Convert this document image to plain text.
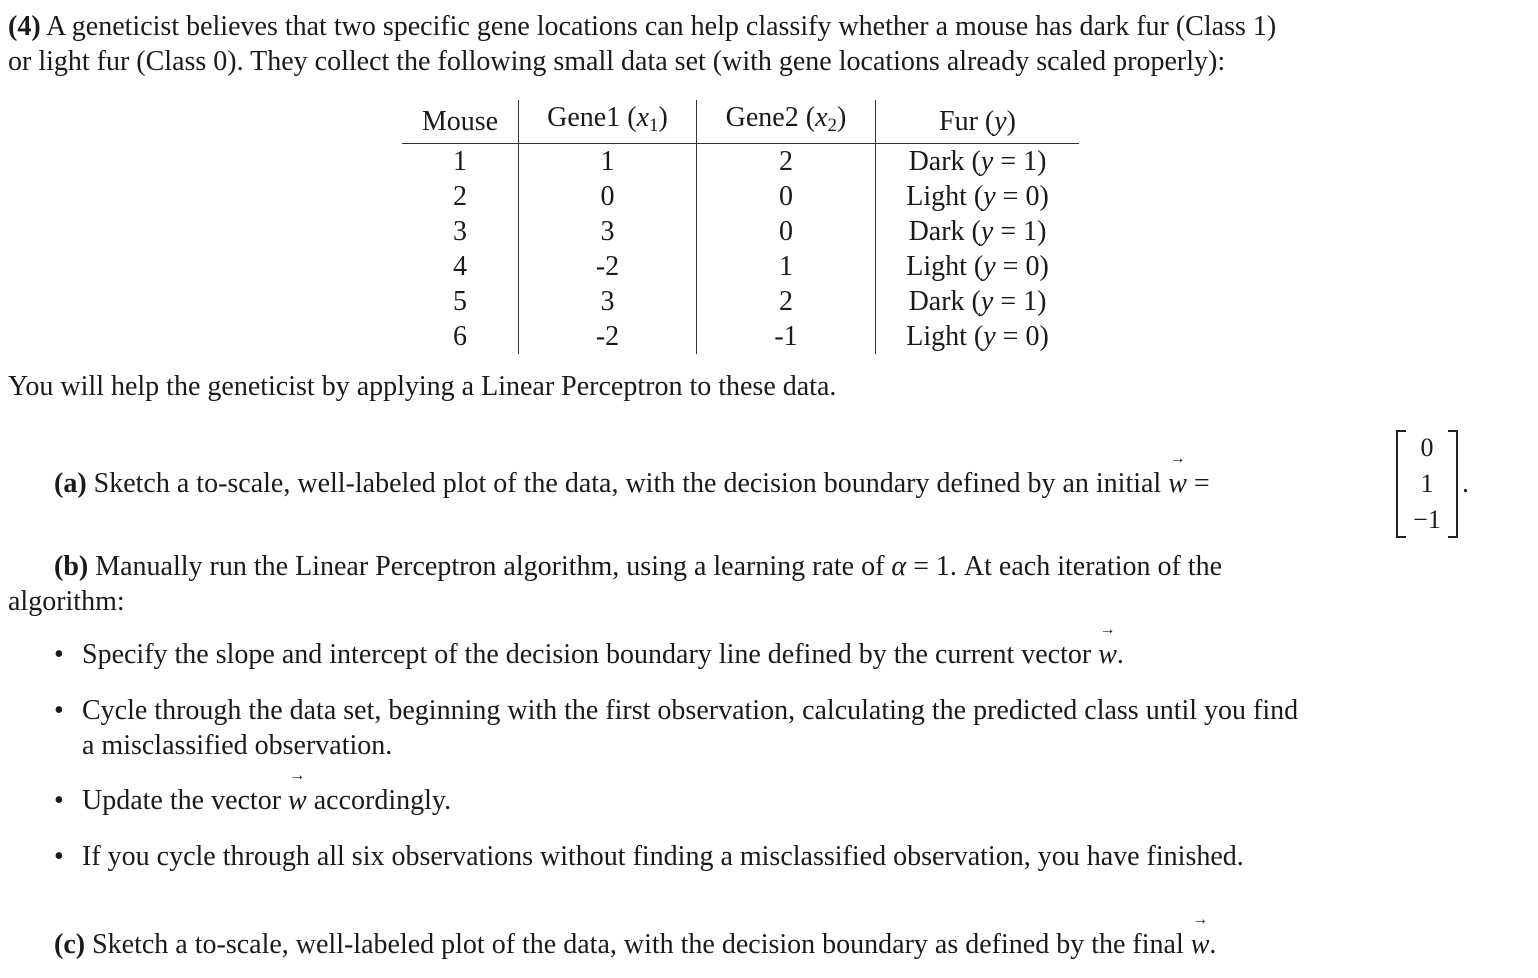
(4) A geneticist believes that two specific gene locations can help classify whether a mouse has dark fur (Class 1)
or light fur (Class 0). They collect the following small data set (with gene locations already scaled properly):
Mouse	Gene1 $(x_1)$	Gene2 $(x_2)$	Fur (y)
1	1	2	Dark (y = 1)
2	0	0	Light (y = 0)
3	3	0	Dark (y = 1)
4	-2	1	Light (y = 0)
5	3	2	Dark (y = 1)
6	-2	-1	Light (y = 0)
You will help the geneticist by applying a Linear Perceptron to these data.
(a) Sketch a to-scale, well-labeled plot of the data, with the decision boundary defined by an initial → w =
0
1
−1
.
(b) Manually run the Linear Perceptron algorithm, using a learning rate of α = 1. At each iteration of the
algorithm:
• Specify the slope and intercept of the decision boundary line defined by the current vector → w.
• Cycle through the data set, beginning with the first observation, calculating the predicted class until you find
a misclassified observation.
• Update the vector → w accordingly.
• If you cycle through all six observations without finding a misclassified observation, you have finished.
(c) Sketch a to-scale, well-labeled plot of the data, with the decision boundary as defined by the final → w.
